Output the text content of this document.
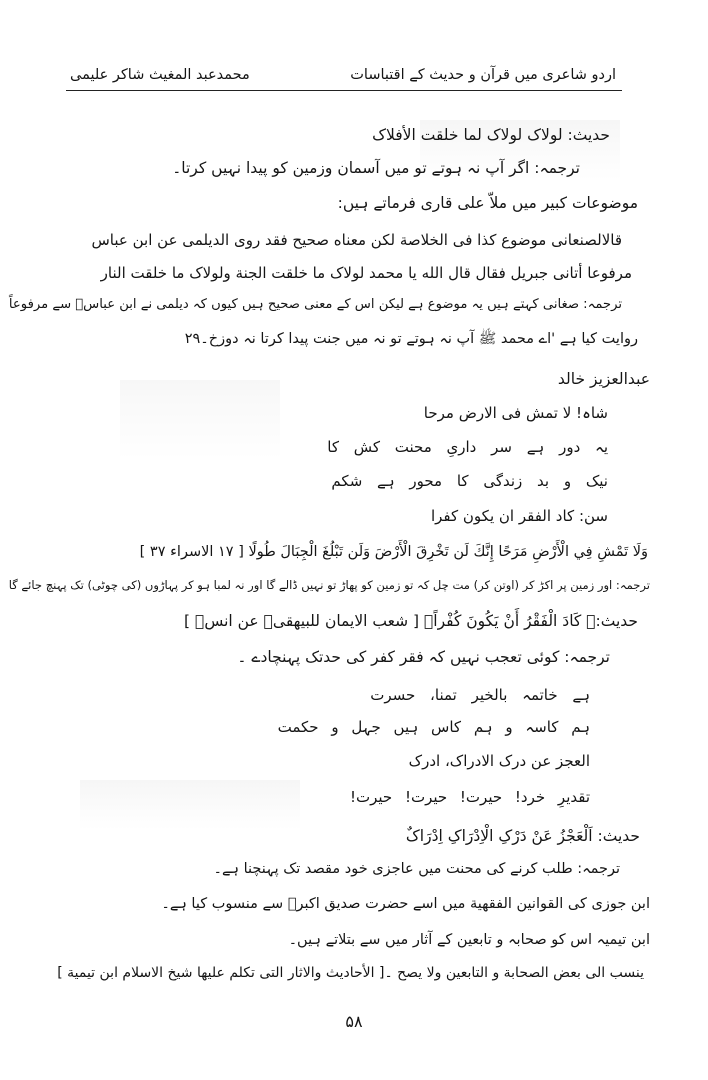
اردو شاعری میں قرآن و حدیث کے اقتباسات
محمدعبد المغیث شاکر علیمی
حدیث: لولاک لولاک لما خلقت الأفلاک
ترجمہ: اگر آپ نہ ہوتے تو میں آسمان وزمین کو پیدا نہیں کرتا۔
موضوعات کبیر میں ملاّ علی قاری فرماتے ہیں:
قالالصنعانی موضوع کذا فی الخلاصة لکن معناه صحیح فقد روی الدیلمی عن ابن عباس
مرفوعا أتانی جبریل فقال قال الله یا محمد لولاک ما خلقت الجنة ولولاک ما خلقت النار
ترجمہ: صغانی کہتے ہیں یہ موضوع ہے لیکن اس کے معنی صحیح ہیں کیوں کہ دیلمی نے ابن عباسؓ سے مرفوعاً
روایت کیا ہے 'اے محمد ﷺ آپ نہ ہوتے تو نہ میں جنت پیدا کرتا نہ دوزخ۔۲۹
عبدالعزیز خالد
شاہ! لا تمش فی الارض مرحا
یہ دور ہے سر داریِ محنت کش کا
نیک و بد زندگی کا محور ہے شکم
سن: کاد الفقر ان یکون کفرا
وَلَا تَمْشِ فِي الْأَرْضِ مَرَحًا إِنَّكَ لَن تَخْرِقَ الْأَرْضَ وَلَن تَبْلُغَ الْجِبَالَ طُولًا [ ١٧ الاسراء ٣٧ ]
ترجمہ: اور زمین پر اکڑ کر (اوتن کر) مت چل کہ تو زمین کو پھاڑ تو نہیں ڈالے گا اور نہ لمبا ہو کر پہاڑوں (کی چوٹی) تک پہنچ جائے گا
حدیث:۔ کَادَ الْفَقْرُ أَنْ یَکُونَ کُفْراً۔ [ شعب الایمان للبیهقی۔ عن انسؓ ]
ترجمہ: کوئی تعجب نہیں کہ فقر کفر کی حدتک پہنچادے ۔
ہے خاتمہ بالخیر تمنا، حسرت
ہم کاسہ و ہم کاس ہیں جہل و حکمت
العجز عن درک الادراک، ادرک
تقدیرِ خرد! حیرت! حیرت! حیرت!
حدیث: اَلْعَجْزُ عَنْ دَرْکِ الْاِدْرَاکِ اِدْرَاکٌ
ترجمہ: طلب کرنے کی محنت میں عاجزی خود مقصد تک پہنچنا ہے۔
ابن جوزی کی القوانین الفقهیة میں اسے حضرت صدیق اکبرؓ سے منسوب کیا ہے۔
ابن تیمیہ اس کو صحابہ و تابعین کے آثار میں سے بتلاتے ہیں۔
ینسب الی بعض الصحابة و التابعین ولا یصح ۔[ الأحادیث والاثار التی تکلم علیها شیخ الاسلام ابن تیمیة ]
۵۸
